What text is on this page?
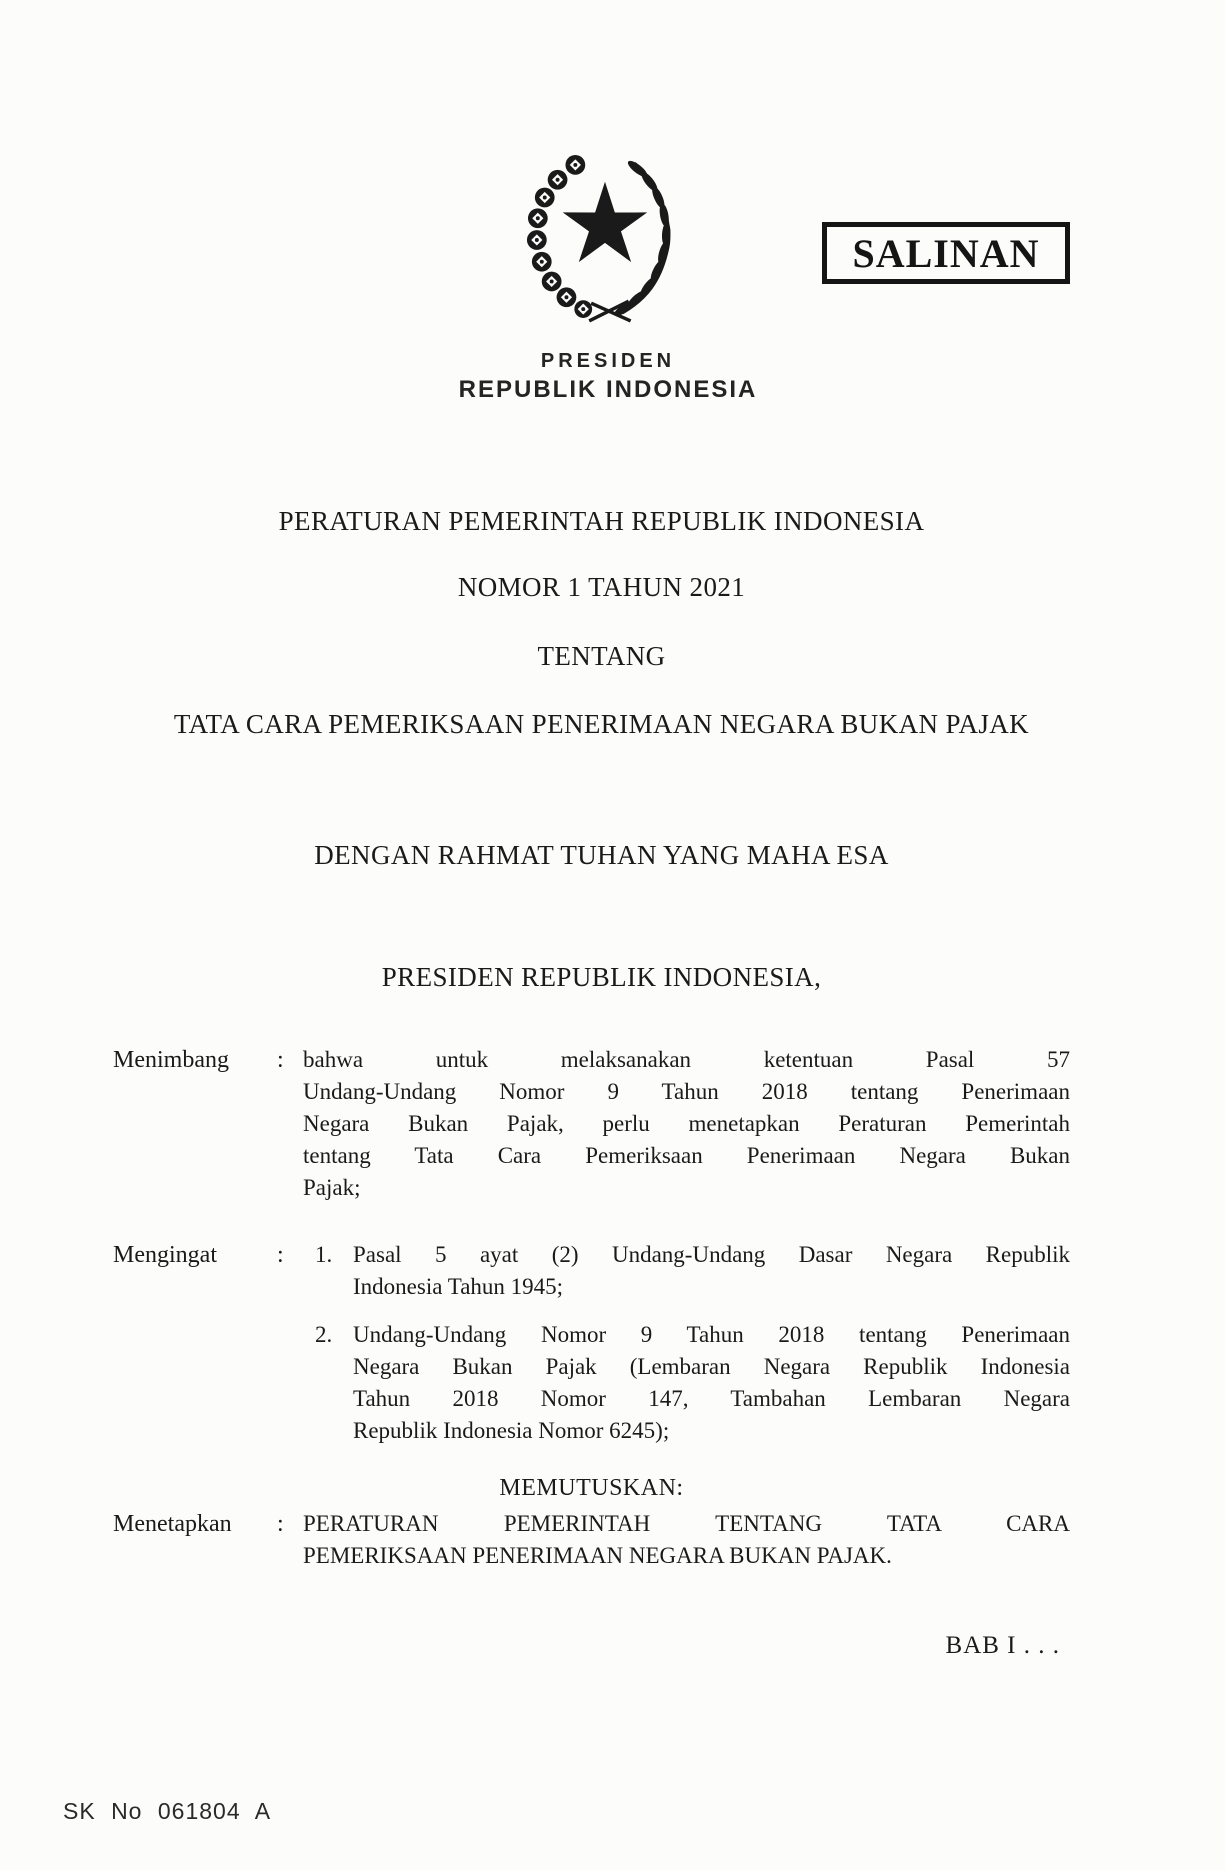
PRESIDEN
REPUBLIK INDONESIA
SALINAN
PERATURAN PEMERINTAH REPUBLIK INDONESIA
NOMOR 1 TAHUN 2021
TENTANG
TATA CARA PEMERIKSAAN PENERIMAAN NEGARA BUKAN PAJAK
DENGAN RAHMAT TUHAN YANG MAHA ESA
PRESIDEN REPUBLIK INDONESIA,
Menimbang	: bahwa untuk melaksanakan ketentuan Pasal 57
Undang-Undang Nomor 9 Tahun 2018 tentang Penerimaan
Negara Bukan Pajak, perlu menetapkan Peraturan Pemerintah
tentang Tata Cara Pemeriksaan Penerimaan Negara Bukan
Pajak;
Mengingat	:	1. Pasal 5 ayat (2) Undang-Undang Dasar Negara Republik
Indonesia Tahun 1945;
2. Undang-Undang Nomor 9 Tahun 2018 tentang Penerimaan
Negara Bukan Pajak (Lembaran Negara Republik Indonesia
Tahun 2018 Nomor 147, Tambahan Lembaran Negara
Republik Indonesia Nomor 6245);
MEMUTUSKAN:
Menetapkan	: PERATURAN PEMERINTAH TENTANG TATA CARA
PEMERIKSAAN PENERIMAAN NEGARA BUKAN PAJAK.
BAB I . . .
SK No 061804 A
